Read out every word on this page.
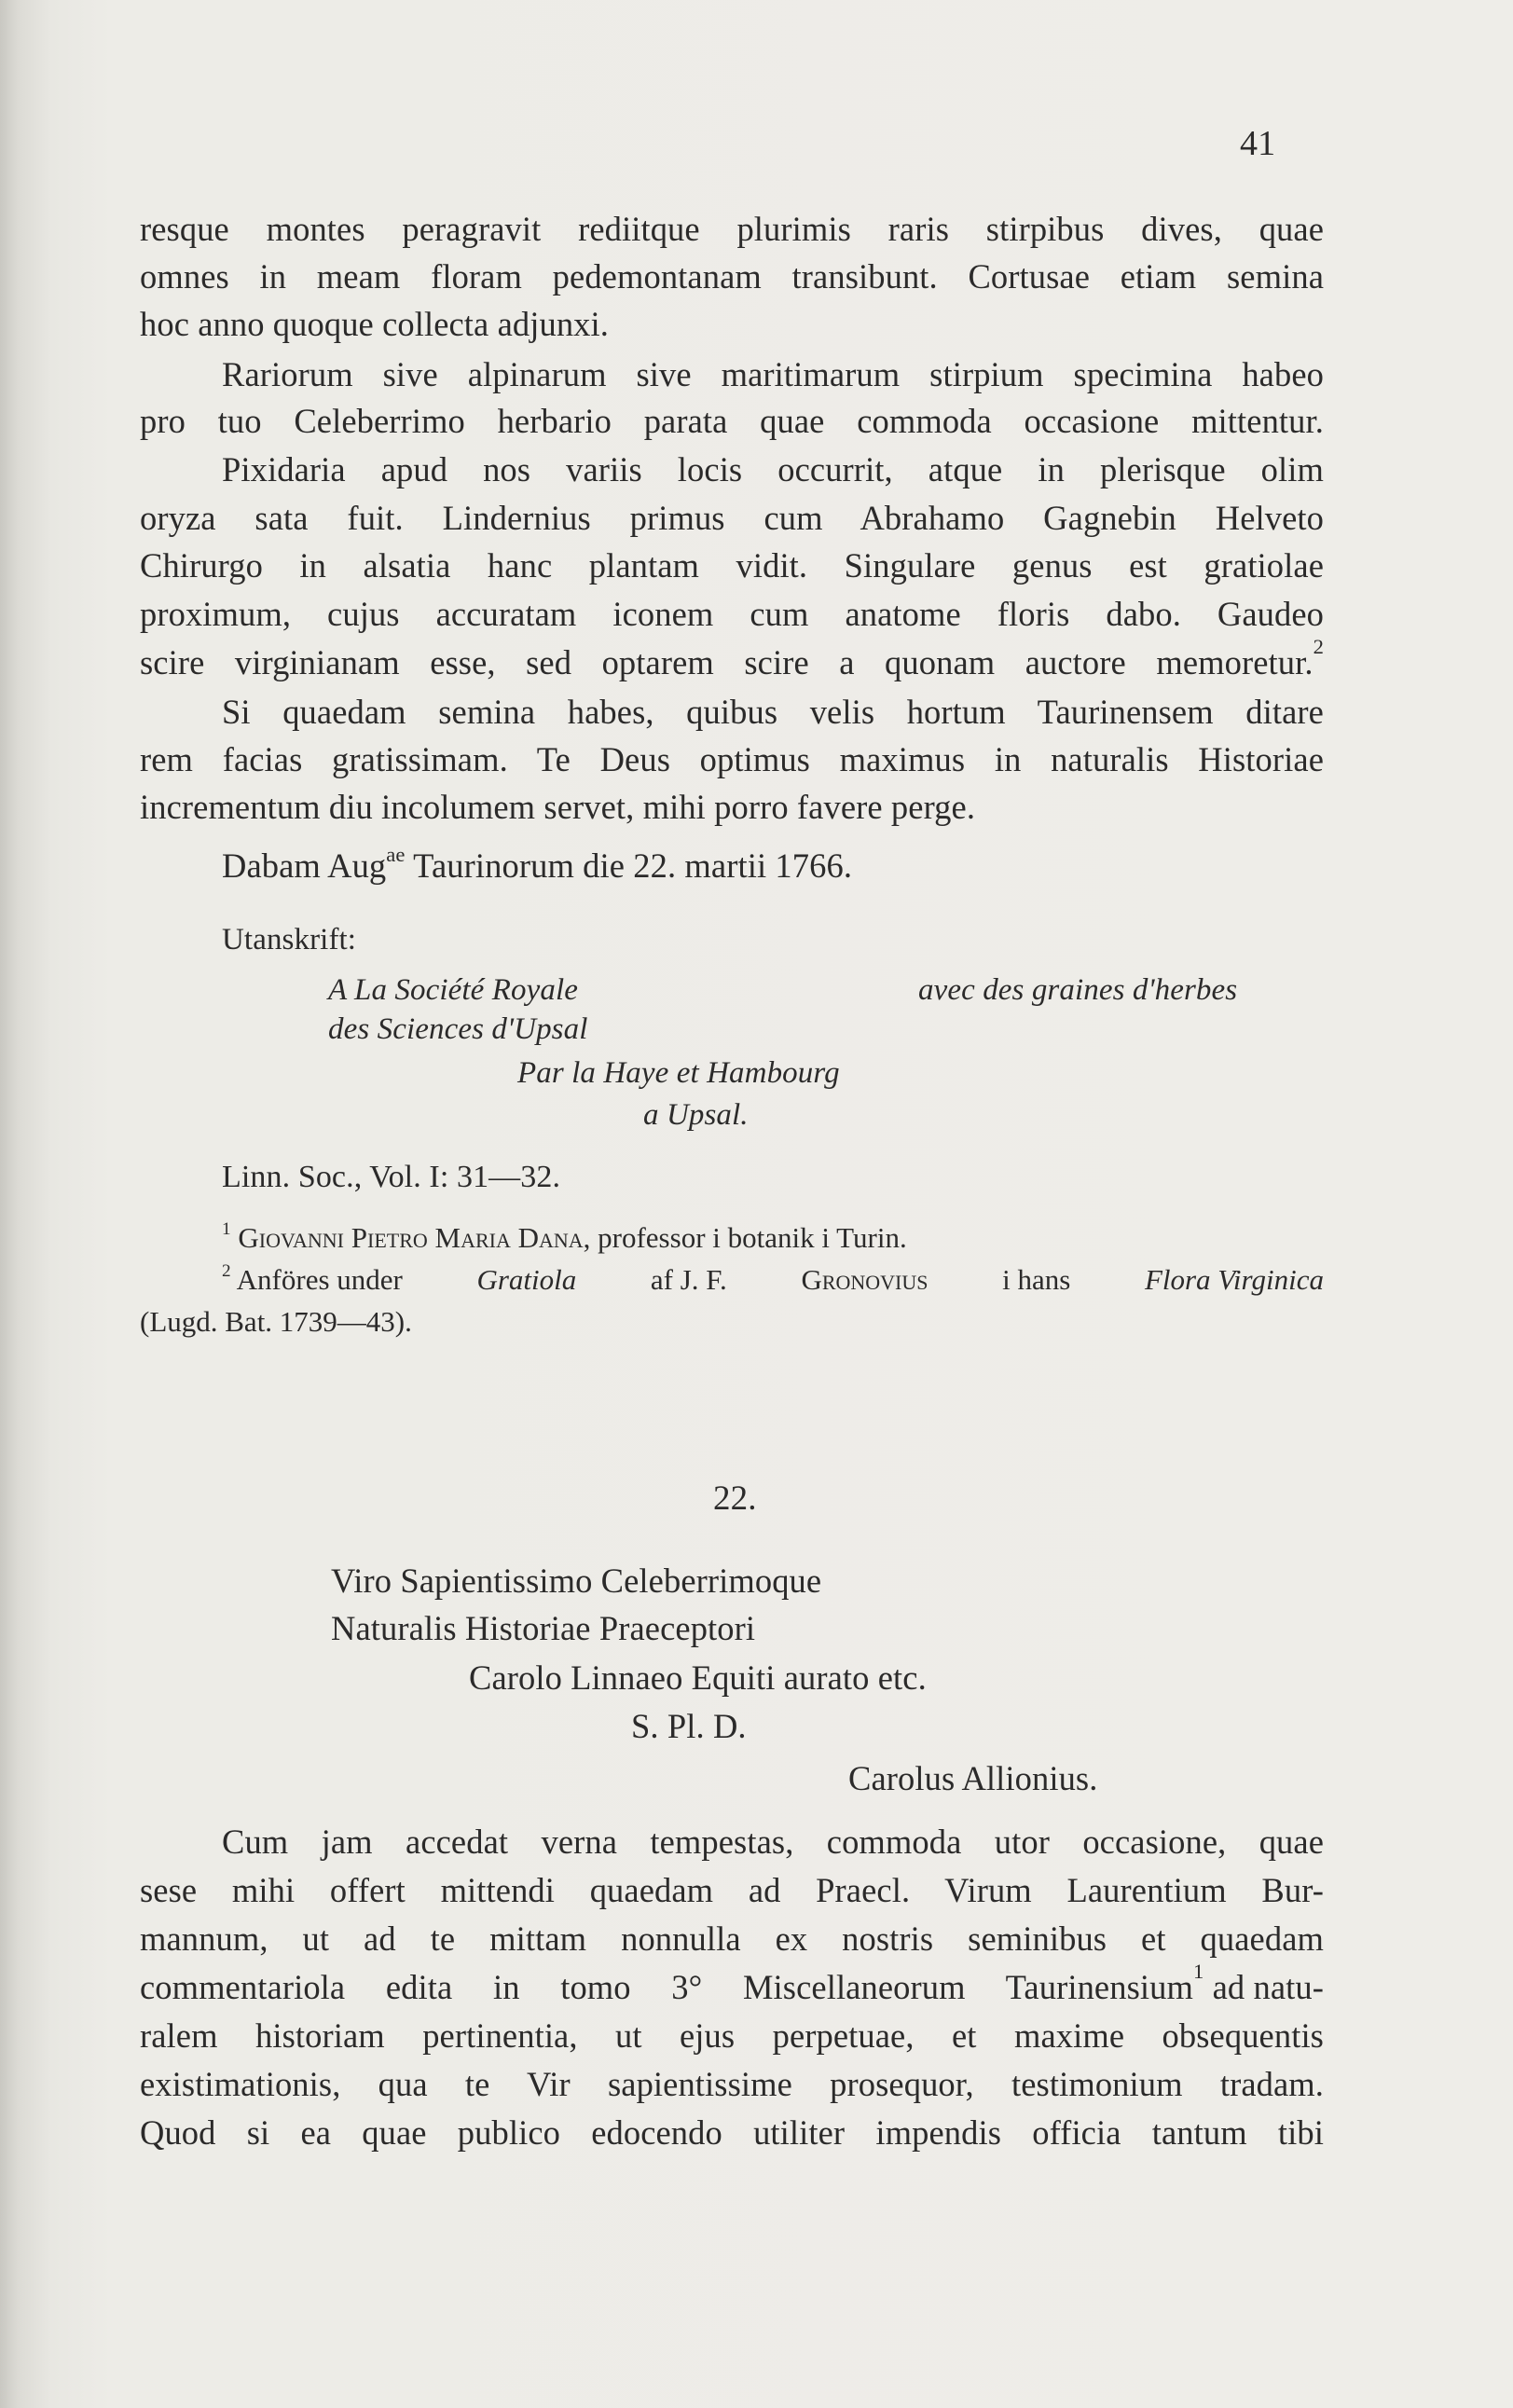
41
resque montes peragravit rediitque plurimis raris stirpibus dives, quae
omnes in meam floram pedemontanam transibunt. Cortusae etiam semina
hoc anno quoque collecta adjunxi.
Rariorum sive alpinarum sive maritimarum stirpium specimina habeo
pro tuo Celeberrimo herbario parata quae commoda occasione mittentur.
Pixidaria apud nos variis locis occurrit, atque in plerisque olim
oryza sata fuit. Lindernius primus cum Abrahamo Gagnebin Helveto
Chirurgo in alsatia hanc plantam vidit. Singulare genus est gratiolae
proximum, cujus accuratam iconem cum anatome floris dabo. Gaudeo
scire virginianam esse, sed optarem scire a quonam auctore memoretur.$^2$
Si quaedam semina habes, quibus velis hortum Taurinensem ditare
rem facias gratissimam. Te Deus optimus maximus in naturalis Historiae
incrementum diu incolumem servet, mihi porro favere perge.
Dabam Aug$^{ae}$ Taurinorum die 22. martii 1766.
Utanskrift:
A La Société Royale	avec des graines d'herbes
des Sciences d'Upsal
Par la Haye et Hambourg
a Upsal.
Linn. Soc., Vol. I: 31—32.
$^1$ Giovanni Pietro Maria Dana, professor i botanik i Turin.
$^2$ Anföres under	Gratiola	af J. F.	Gronovius	i hans	Flora Virginica
(Lugd. Bat. 1739—43).
22.
Viro Sapientissimo Celeberrimoque
Naturalis Historiae Praeceptori
Carolo Linnaeo Equiti aurato etc.
S. Pl. D.
Carolus Allionius.
Cum jam accedat verna tempestas, commoda utor occasione, quae
sese mihi offert mittendi quaedam ad Praecl. Virum Laurentium Bur-
mannum, ut ad te mittam nonnulla ex nostris seminibus et quaedam
commentariola edita in tomo 3° Miscellaneorum Taurinensium$^1$ ad natu-
ralem historiam pertinentia, ut ejus perpetuae, et maxime obsequentis
existimationis, qua te Vir sapientissime prosequor, testimonium tradam.
Quod si ea quae publico edocendo utiliter impendis officia tantum tibi
